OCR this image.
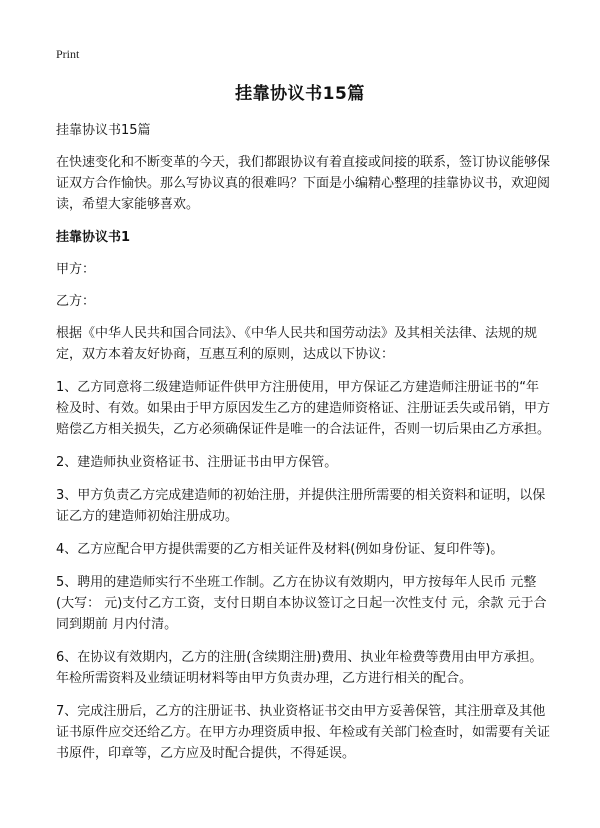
Print
挂靠协议书15篇

挂靠协议书15篇

在快速变化和不断变革的今天，我们都跟协议有着直接或间接的联系，签订协议能够保证双方合作愉快。那么写协议真的很难吗？下面是小编精心整理的挂靠协议书，欢迎阅读，希望大家能够喜欢。

挂靠协议书1

甲方：

乙方：

根据《中华人民共和国合同法》、《中华人民共和国劳动法》及其相关法律、法规的规定，双方本着友好协商，互惠互利的原则，达成以下协议：

1、乙方同意将二级建造师证件供甲方注册使用，甲方保证乙方建造师注册证书的“年检及时、有效。如果由于甲方原因发生乙方的建造师资格证、注册证丢失或吊销，甲方赔偿乙方相关损失，乙方必须确保证件是唯一的合法证件，否则一切后果由乙方承担。

2、建造师执业资格证书、注册证书由甲方保管。

3、甲方负责乙方完成建造师的初始注册，并提供注册所需要的相关资料和证明，以保证乙方的建造师初始注册成功。

4、乙方应配合甲方提供需要的乙方相关证件及材料(例如身份证、复印件等)。

5、聘用的建造师实行不坐班工作制。乙方在协议有效期内，甲方按每年人民币 元整(大写： 元)支付乙方工资，支付日期自本协议签订之日起一次性支付 元，余款 元于合同到期前 月内付清。

6、在协议有效期内，乙方的注册(含续期注册)费用、执业年检费等费用由甲方承担。年检所需资料及业绩证明材料等由甲方负责办理，乙方进行相关的配合。

7、完成注册后，乙方的注册证书、执业资格证书交由甲方妥善保管，其注册章及其他证书原件应交还给乙方。在甲方办理资质申报、年检或有关部门检查时，如需要有关证书原件，印章等，乙方应及时配合提供，不得延误。
